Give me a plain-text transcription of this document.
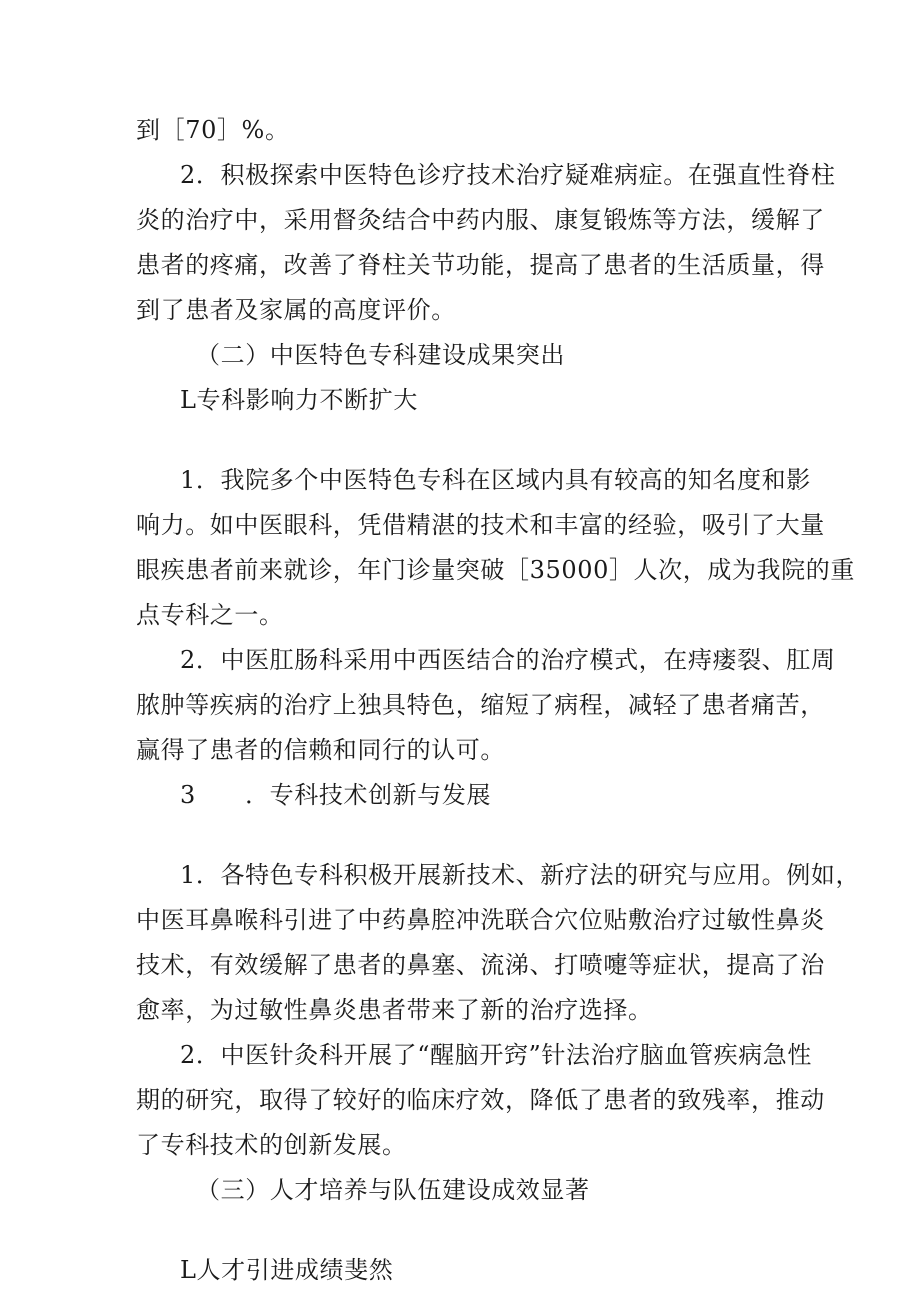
到［70］%。
2．积极探索中医特色诊疗技术治疗疑难病症。在强直性脊柱
炎的治疗中，采用督灸结合中药内服、康复锻炼等方法，缓解了
患者的疼痛，改善了脊柱关节功能，提高了患者的生活质量，得
到了患者及家属的高度评价。
（二）中医特色专科建设成果突出
L专科影响力不断扩大
1．我院多个中医特色专科在区域内具有较高的知名度和影
响力。如中医眼科，凭借精湛的技术和丰富的经验，吸引了大量
眼疾患者前来就诊，年门诊量突破［35000］人次，成为我院的重
点专科之一。
2．中医肛肠科采用中西医结合的治疗模式，在痔瘘裂、肛周
脓肿等疾病的治疗上独具特色，缩短了病程，减轻了患者痛苦，
赢得了患者的信赖和同行的认可。
3　　．专科技术创新与发展
1．各特色专科积极开展新技术、新疗法的研究与应用。例如，
中医耳鼻喉科引进了中药鼻腔冲洗联合穴位贴敷治疗过敏性鼻炎
技术，有效缓解了患者的鼻塞、流涕、打喷嚏等症状，提高了治
愈率，为过敏性鼻炎患者带来了新的治疗选择。
2．中医针灸科开展了“醒脑开窍”针法治疗脑血管疾病急性
期的研究，取得了较好的临床疗效，降低了患者的致残率，推动
了专科技术的创新发展。
（三）人才培养与队伍建设成效显著
L人才引进成绩斐然
